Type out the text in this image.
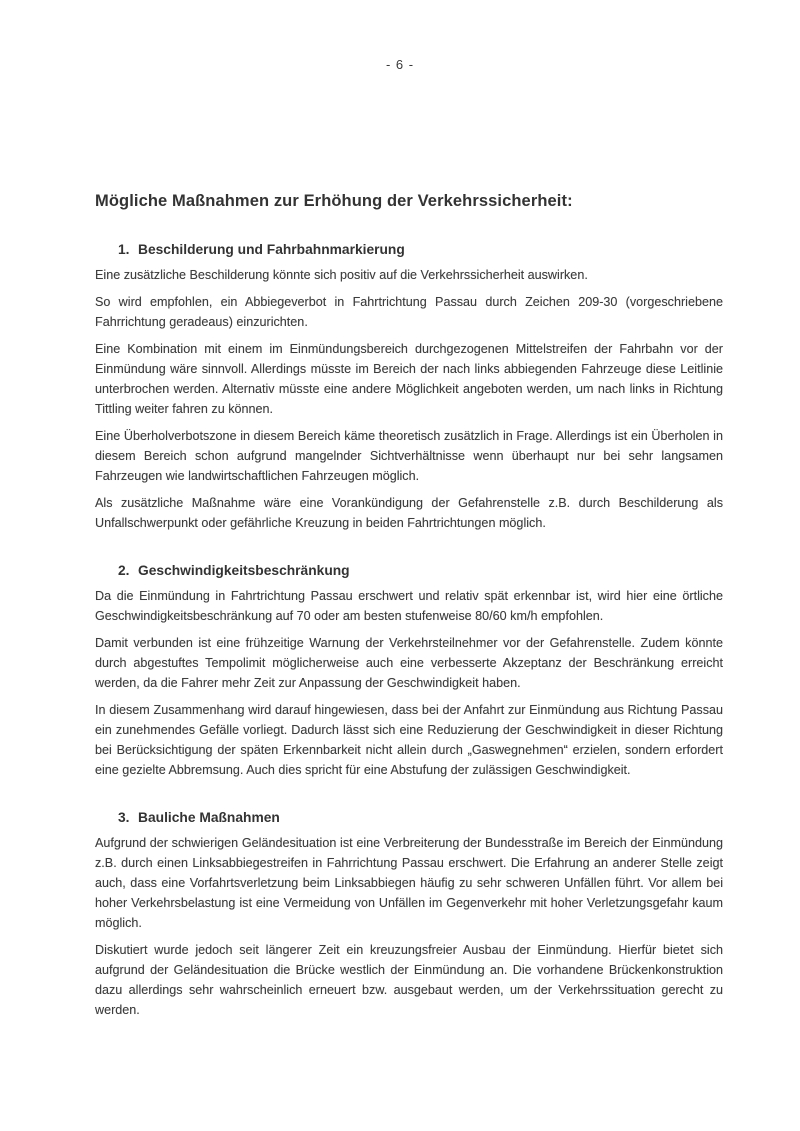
- 6 -
Mögliche Maßnahmen zur Erhöhung der Verkehrssicherheit:
1. Beschilderung und Fahrbahnmarkierung

Eine zusätzliche Beschilderung könnte sich positiv auf die Verkehrssicherheit auswirken.

So wird empfohlen, ein Abbiegeverbot in Fahrtrichtung Passau durch Zeichen 209-30 (vorgeschriebene Fahrrichtung geradeaus) einzurichten.

Eine Kombination mit einem im Einmündungsbereich durchgezogenen Mittelstreifen der Fahrbahn vor der Einmündung wäre sinnvoll. Allerdings müsste im Bereich der nach links abbiegenden Fahrzeuge diese Leitlinie unterbrochen werden. Alternativ müsste eine andere Möglichkeit angeboten werden, um nach links in Richtung Tittling weiter fahren zu können.

Eine Überholverbotszone in diesem Bereich käme theoretisch zusätzlich in Frage. Allerdings ist ein Überholen in diesem Bereich schon aufgrund mangelnder Sichtverhältnisse wenn überhaupt nur bei sehr langsamen Fahrzeugen wie landwirtschaftlichen Fahrzeugen möglich.

Als zusätzliche Maßnahme wäre eine Vorankündigung der Gefahrenstelle z.B. durch Beschilderung als Unfallschwerpunkt oder gefährliche Kreuzung in beiden Fahrtrichtungen möglich.

2. Geschwindigkeitsbeschränkung

Da die Einmündung in Fahrtrichtung Passau erschwert und relativ spät erkennbar ist, wird hier eine örtliche Geschwindigkeitsbeschränkung auf 70 oder am besten stufenweise 80/60 km/h empfohlen.

Damit verbunden ist eine frühzeitige Warnung der Verkehrsteilnehmer vor der Gefahrenstelle. Zudem könnte durch abgestuftes Tempolimit möglicherweise auch eine verbesserte Akzeptanz der Beschränkung erreicht werden, da die Fahrer mehr Zeit zur Anpassung der Geschwindigkeit haben.

In diesem Zusammenhang wird darauf hingewiesen, dass bei der Anfahrt zur Einmündung aus Richtung Passau ein zunehmendes Gefälle vorliegt. Dadurch lässt sich eine Reduzierung der Geschwindigkeit in dieser Richtung bei Berücksichtigung der späten Erkennbarkeit nicht allein durch „Gaswegnehmen“ erzielen, sondern erfordert eine gezielte Abbremsung. Auch dies spricht für eine Abstufung der zulässigen Geschwindigkeit.

3. Bauliche Maßnahmen

Aufgrund der schwierigen Geländesituation ist eine Verbreiterung der Bundesstraße im Bereich der Einmündung z.B. durch einen Linksabbiegestreifen in Fahrrichtung Passau erschwert. Die Erfahrung an anderer Stelle zeigt auch, dass eine Vorfahrtsverletzung beim Linksabbiegen häufig zu sehr schweren Unfällen führt. Vor allem bei hoher Verkehrsbelastung ist eine Vermeidung von Unfällen im Gegenverkehr mit hoher Verletzungsgefahr kaum möglich.

Diskutiert wurde jedoch seit längerer Zeit ein kreuzungsfreier Ausbau der Einmündung. Hierfür bietet sich aufgrund der Geländesituation die Brücke westlich der Einmündung an. Die vorhandene Brückenkonstruktion dazu allerdings sehr wahrscheinlich erneuert bzw. ausgebaut werden, um der Verkehrssituation gerecht zu werden.
